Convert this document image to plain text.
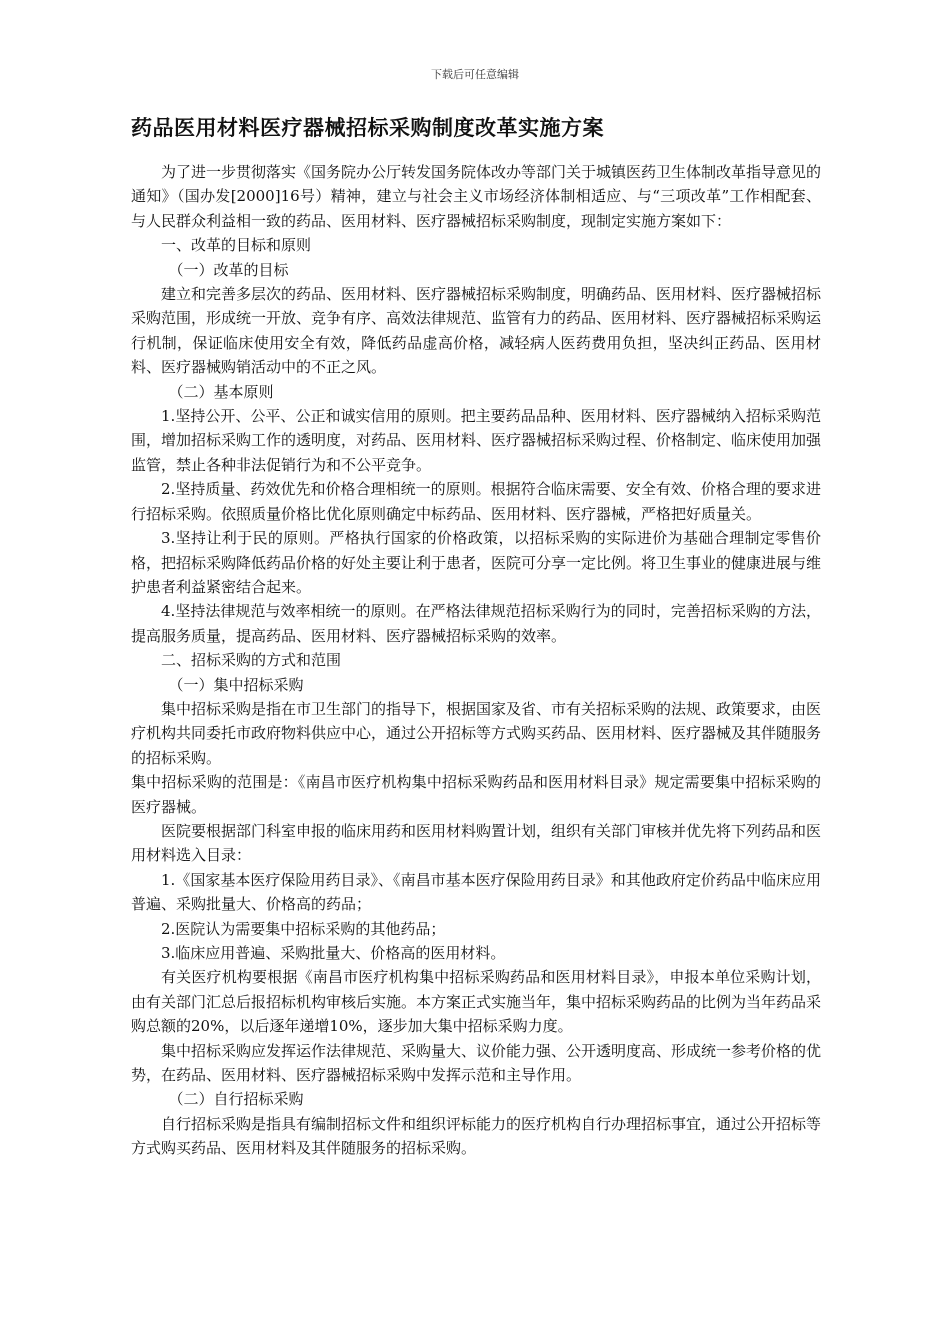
下载后可任意编辑
药品医用材料医疗器械招标采购制度改革实施方案

为了进一步贯彻落实《国务院办公厅转发国务院体改办等部门关于城镇医药卫生体制改革指导意见的通知》（国办发[2000]16号）精神，建立与社会主义市场经济体制相适应、与“三项改革”工作相配套、与人民群众利益相一致的药品、医用材料、医疗器械招标采购制度，现制定实施方案如下：

一、改革的目标和原则

（一）改革的目标

建立和完善多层次的药品、医用材料、医疗器械招标采购制度，明确药品、医用材料、医疗器械招标采购范围，形成统一开放、竞争有序、高效法律规范、监管有力的药品、医用材料、医疗器械招标采购运行机制，保证临床使用安全有效，降低药品虚高价格，减轻病人医药费用负担，坚决纠正药品、医用材料、医疗器械购销活动中的不正之风。

（二）基本原则

1.坚持公开、公平、公正和诚实信用的原则。把主要药品品种、医用材料、医疗器械纳入招标采购范围，增加招标采购工作的透明度，对药品、医用材料、医疗器械招标采购过程、价格制定、临床使用加强监管，禁止各种非法促销行为和不公平竞争。

2.坚持质量、药效优先和价格合理相统一的原则。根据符合临床需要、安全有效、价格合理的要求进行招标采购。依照质量价格比优化原则确定中标药品、医用材料、医疗器械，严格把好质量关。

3.坚持让利于民的原则。严格执行国家的价格政策，以招标采购的实际进价为基础合理制定零售价格，把招标采购降低药品价格的好处主要让利于患者，医院可分享一定比例。将卫生事业的健康进展与维护患者利益紧密结合起来。

4.坚持法律规范与效率相统一的原则。在严格法律规范招标采购行为的同时，完善招标采购的方法，提高服务质量，提高药品、医用材料、医疗器械招标采购的效率。

二、招标采购的方式和范围

（一）集中招标采购

集中招标采购是指在市卫生部门的指导下，根据国家及省、市有关招标采购的法规、政策要求，由医疗机构共同委托市政府物料供应中心，通过公开招标等方式购买药品、医用材料、医疗器械及其伴随服务的招标采购。

集中招标采购的范围是：《南昌市医疗机构集中招标采购药品和医用材料目录》规定需要集中招标采购的医疗器械。

医院要根据部门科室申报的临床用药和医用材料购置计划，组织有关部门审核并优先将下列药品和医用材料选入目录：

1.《国家基本医疗保险用药目录》、《南昌市基本医疗保险用药目录》和其他政府定价药品中临床应用普遍、采购批量大、价格高的药品；

2.医院认为需要集中招标采购的其他药品；

3.临床应用普遍、采购批量大、价格高的医用材料。

有关医疗机构要根据《南昌市医疗机构集中招标采购药品和医用材料目录》，申报本单位采购计划，由有关部门汇总后报招标机构审核后实施。本方案正式实施当年，集中招标采购药品的比例为当年药品采购总额的20%，以后逐年递增10%，逐步加大集中招标采购力度。

集中招标采购应发挥运作法律规范、采购量大、议价能力强、公开透明度高、形成统一参考价格的优势，在药品、医用材料、医疗器械招标采购中发挥示范和主导作用。

（二）自行招标采购

自行招标采购是指具有编制招标文件和组织评标能力的医疗机构自行办理招标事宜，通过公开招标等方式购买药品、医用材料及其伴随服务的招标采购。
